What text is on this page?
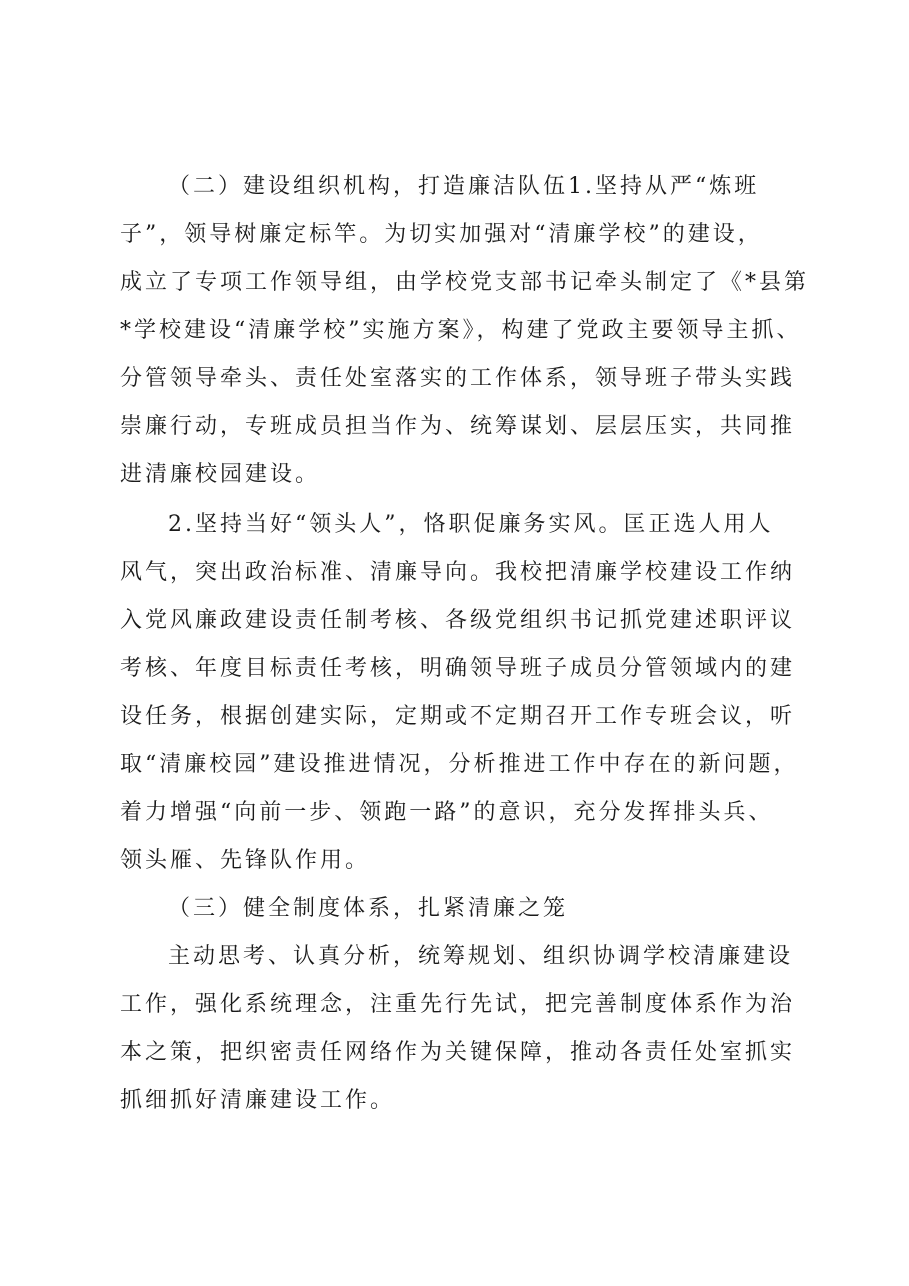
（二）建设组织机构，打造廉洁队伍1.坚持从严“炼班
子”，领导树廉定标竿。为切实加强对“清廉学校”的建设，
成立了专项工作领导组，由学校党支部书记牵头制定了《*县第
*学校建设“清廉学校”实施方案》，构建了党政主要领导主抓、
分管领导牵头、责任处室落实的工作体系，领导班子带头实践
崇廉行动，专班成员担当作为、统筹谋划、层层压实，共同推
进清廉校园建设。
2.坚持当好“领头人”，恪职促廉务实风。匡正选人用人
风气，突出政治标准、清廉导向。我校把清廉学校建设工作纳
入党风廉政建设责任制考核、各级党组织书记抓党建述职评议
考核、年度目标责任考核，明确领导班子成员分管领域内的建
设任务，根据创建实际，定期或不定期召开工作专班会议，听
取“清廉校园”建设推进情况，分析推进工作中存在的新问题，
着力增强“向前一步、领跑一路”的意识，充分发挥排头兵、
领头雁、先锋队作用。
（三）健全制度体系，扎紧清廉之笼
主动思考、认真分析，统筹规划、组织协调学校清廉建设
工作，强化系统理念，注重先行先试，把完善制度体系作为治
本之策，把织密责任网络作为关键保障，推动各责任处室抓实
抓细抓好清廉建设工作。
